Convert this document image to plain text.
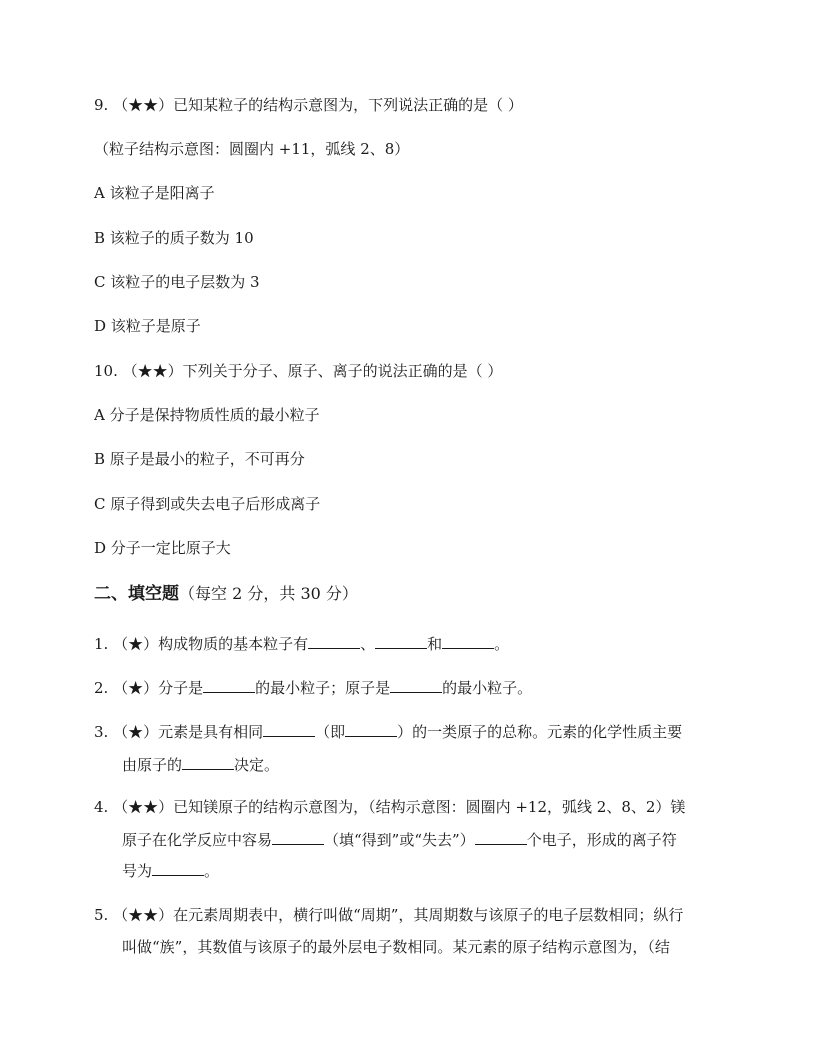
9. （★★）已知某粒子的结构示意图为，下列说法正确的是（ ）
（粒子结构示意图：圆圈内 +11，弧线 2、8）
A 该粒子是阳离子
B 该粒子的质子数为 10
C 该粒子的电子层数为 3
D 该粒子是原子
10. （★★）下列关于分子、原子、离子的说法正确的是（ ）
A 分子是保持物质性质的最小粒子
B 原子是最小的粒子，不可再分
C 原子得到或失去电子后形成离子
D 分子一定比原子大
二、填空题（每空 2 分，共 30 分）
1. （★）构成物质的基本粒子有	、	和	。
2. （★）分子是	的最小粒子；原子是	的最小粒子。
3. （★）元素是具有相同	（即	）的一类原子的总称。元素的化学性质主要
由原子的	决定。
4. （★★）已知镁原子的结构示意图为，（结构示意图：圆圈内 +12，弧线 2、8、2）镁
原子在化学反应中容易	（填“得到”或“失去”）	个电子，形成的离子符
号为	。
5. （★★）在元素周期表中，横行叫做“周期”，其周期数与该原子的电子层数相同；纵行
叫做“族”，其数值与该原子的最外层电子数相同。某元素的原子结构示意图为，（结
